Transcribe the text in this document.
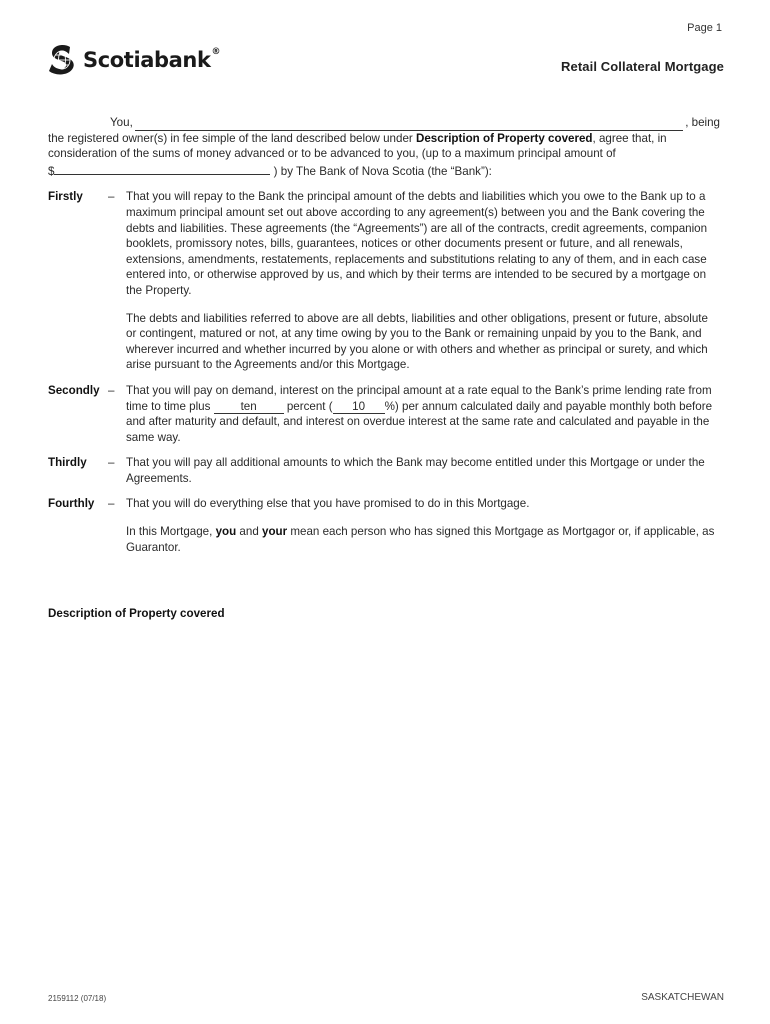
Page 1
Scotiabank®
Retail Collateral Mortgage
You,	, being
the registered owner(s) in fee simple of the land described below under Description of Property covered, agree that, in consideration of the sums of money advanced or to be advanced to you, (up to a maximum principal amount of
$	) by The Bank of Nova Scotia (the “Bank”):
Firstly	– That you will repay to the Bank the principal amount of the debts and liabilities which you owe to the Bank up to a maximum principal amount set out above according to any agreement(s) between you and the Bank covering the debts and liabilities. These agreements (the “Agreements”) are all of the contracts, credit agreements, companion booklets, promissory notes, bills, guarantees, notices or other documents present or future, and all renewals, extensions, amendments, restatements, replacements and substitutions relating to any of them, and in each case entered into, or otherwise approved by us, and which by their terms are intended to be secured by a mortgage on the Property.

The debts and liabilities referred to above are all debts, liabilities and other obligations, present or future, absolute or contingent, matured or not, at any time owing by you to the Bank or remaining unpaid by you to the Bank, and wherever incurred and whether incurred by you alone or with others and whether as principal or surety, and which arise pursuant to the Agreements and/or this Mortgage.

Secondly – That you will pay on demand, interest on the principal amount at a rate equal to the Bank’s prime lending rate from time to time plus ten percent ( 10 %) per annum calculated daily and payable monthly both before and after maturity and default, and interest on overdue interest at the same rate and calculated and payable in the same way.
Thirdly	– That you will pay all additional amounts to which the Bank may become entitled under this Mortgage or under the Agreements.
Fourthly	– That you will do everything else that you have promised to do in this Mortgage.

In this Mortgage, you and your mean each person who has signed this Mortgage as Mortgagor or, if applicable, as Guarantor.

Description of Property covered
2159112 (07/18)	SASKATCHEWAN
